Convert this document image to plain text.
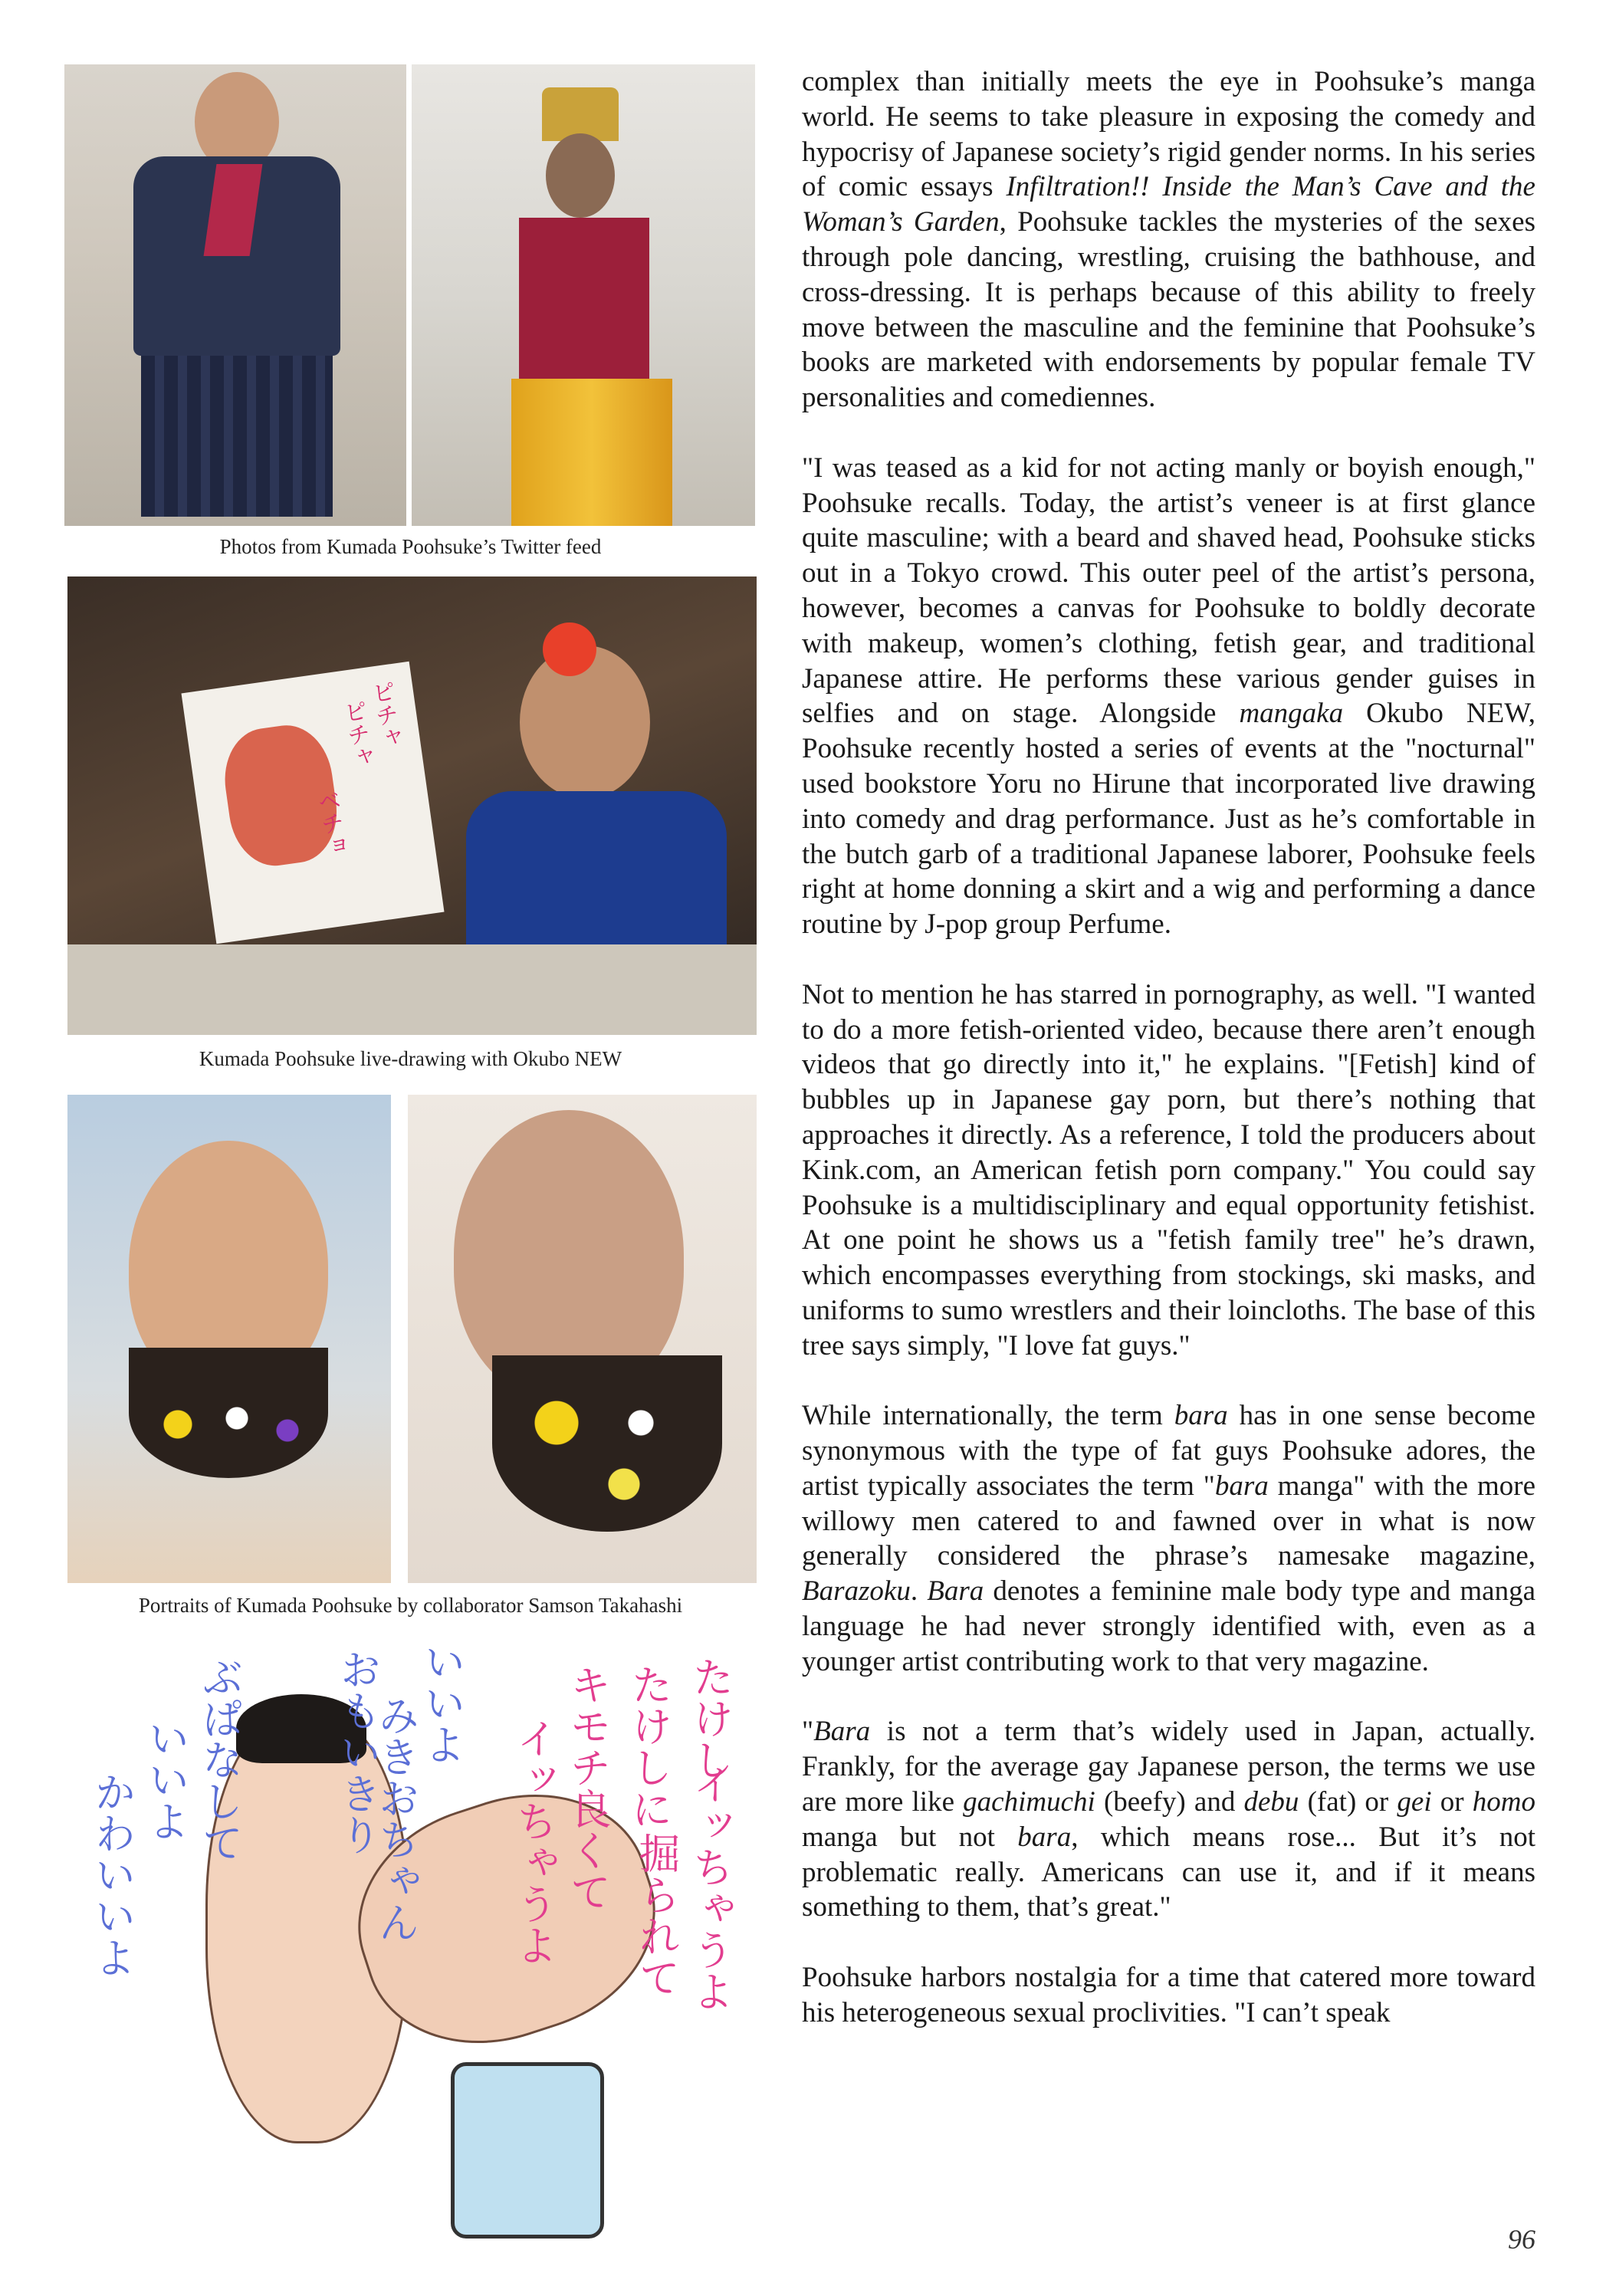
Photos from Kumada Poohsuke’s Twitter feed
ピチャ
ピチャ
ベチョ
Kumada Poohsuke live-drawing with Okubo NEW
Portraits of Kumada Poohsuke by collaborator Samson Takahashi
ぶぱなして
いいよ
かわいいよ
おもいきり いいよ
みきおちゃん	キモチ良くて
イッちゃうよ たけしに たけし
イッちゃうよ
掘られて

complex than initially meets the eye in Poohsuke’s manga world. He seems to take pleasure in exposing the comedy and hypocrisy of Japanese society’s rigid gender norms. In his series of comic essays Infiltration!! Inside the Man’s Cave and the Woman’s Garden, Poohsuke tackles the mysteries of the sexes through pole dancing, wrestling, cruising the bathhouse, and cross-dressing. It is perhaps because of this ability to freely move between the masculine and the feminine that Poohsuke’s books are marketed with endorsements by popular female TV personalities and comediennes.

"I was teased as a kid for not acting manly or boyish enough," Poohsuke recalls. Today, the artist’s veneer is at first glance quite masculine; with a beard and shaved head, Poohsuke sticks out in a Tokyo crowd. This outer peel of the artist’s persona, however, becomes a canvas for Poohsuke to boldly decorate with makeup, women’s clothing, fetish gear, and traditional Japanese attire. He performs these various gender guises in selfies and on stage. Alongside mangaka Okubo NEW, Poohsuke recently hosted a series of events at the "nocturnal" used bookstore Yoru no Hirune that incorporated live drawing into comedy and drag performance. Just as he’s comfortable in the butch garb of a traditional Japanese laborer, Poohsuke feels right at home donning a skirt and a wig and performing a dance routine by J-pop group Perfume.

Not to mention he has starred in pornography, as well. "I wanted to do a more fetish-oriented video, because there aren’t enough videos that go directly into it," he explains. "[Fetish] kind of bubbles up in Japanese gay porn, but there’s nothing that approaches it directly. As a reference, I told the producers about Kink.com, an American fetish porn company." You could say Poohsuke is a multidisciplinary and equal opportunity fetishist. At one point he shows us a "fetish family tree" he’s drawn, which encompasses everything from stockings, ski masks, and uniforms to sumo wrestlers and their loincloths. The base of this tree says simply, "I love fat guys."

While internationally, the term bara has in one sense become synonymous with the type of fat guys Poohsuke adores, the artist typically associates the term "bara manga" with the more willowy men catered to and fawned over in what is now generally considered the phrase’s namesake magazine, Barazoku. Bara denotes a feminine male body type and manga language he had never strongly identified with, even as a younger artist contributing work to that very magazine.

"Bara is not a term that’s widely used in Japan, actually. Frankly, for the average gay Japanese person, the terms we use are more like gachimuchi (beefy) and debu (fat) or gei or homo manga but not bara, which means rose... But it’s not problematic really. Americans can use it, and if it means something to them, that’s great."

Poohsuke harbors nostalgia for a time that catered more toward his heterogeneous sexual proclivities. "I can’t speak

96
